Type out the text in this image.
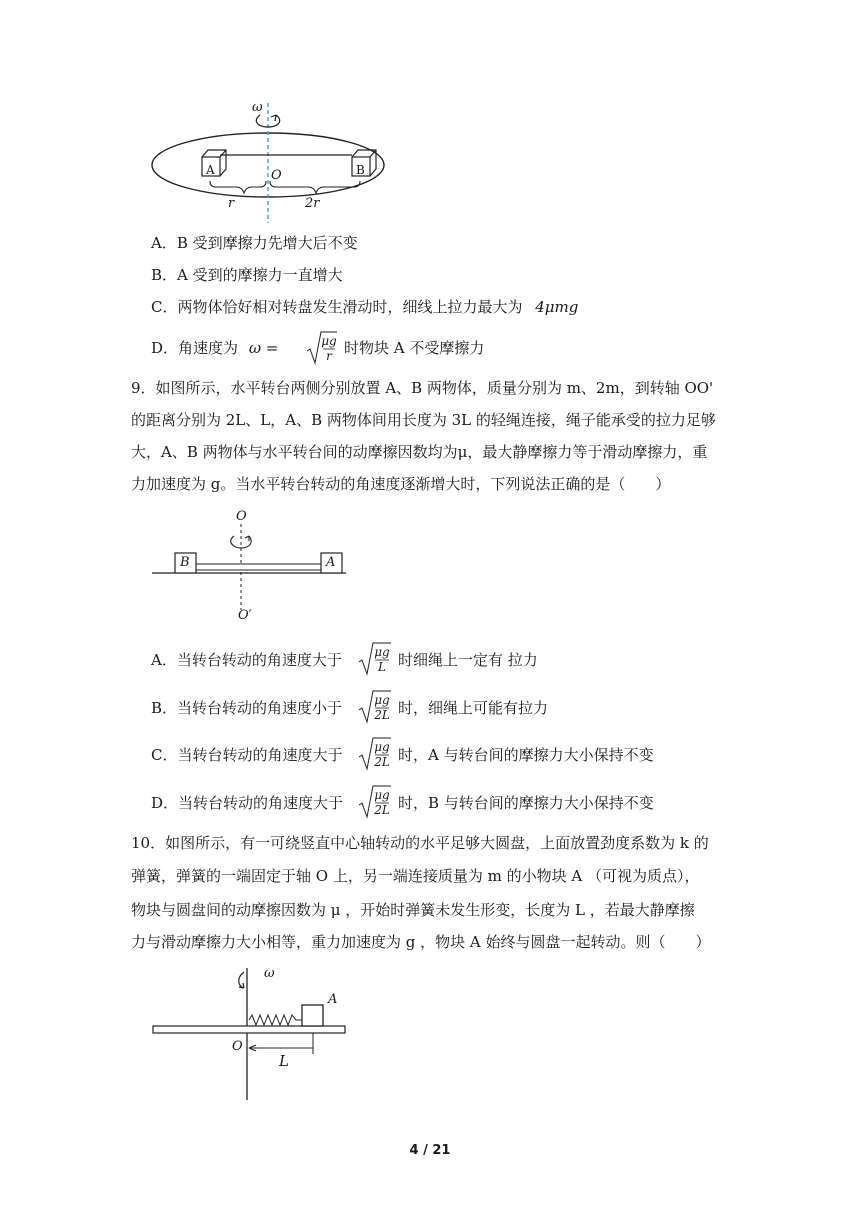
ω
A	B
O
r	2r
A．B 受到摩擦力先增大后不变
B．A 受到的摩擦力一直增大
C．两物体恰好相对转盘发生滑动时，细线上拉力最大为 4μmg
D．角速度为 ω =	μg
r 时物块 A 不受摩擦力
9．如图所示，水平转台两侧分别放置 A、B 两物体，质量分别为 m、2m，到转轴 OO'
的距离分别为 2L、L，A、B 两物体间用长度为 3L 的轻绳连接，绳子能承受的拉力足够
大，A、B 两物体与水平转台间的动摩擦因数均为μ，最大静摩擦力等于滑动摩擦力，重
力加速度为 g。当水平转台转动的角速度逐渐增大时，下列说法正确的是（　　）
O
B	A
O′
A．当转台转动的角速度大于	μg
L 时细绳上一定有 拉力
B．当转台转动的角速度小于	μg
2L 时，细绳上可能有拉力
C．当转台转动的角速度大于	μg
2L 时，A 与转台间的摩擦力大小保持不变
D．当转台转动的角速度大于	μg
2L 时，B 与转台间的摩擦力大小保持不变
10．如图所示，有一可绕竖直中心轴转动的水平足够大圆盘，上面放置劲度系数为 k 的
弹簧，弹簧的一端固定于轴 O 上，另一端连接质量为 m 的小物块 A （可视为质点），
物块与圆盘间的动摩擦因数为 μ ，开始时弹簧未发生形变，长度为 L ，若最大静摩擦
力与滑动摩擦力大小相等，重力加速度为 g ，物块 A 始终与圆盘一起转动。则（　　）
ω
A
O
L
4 / 21
